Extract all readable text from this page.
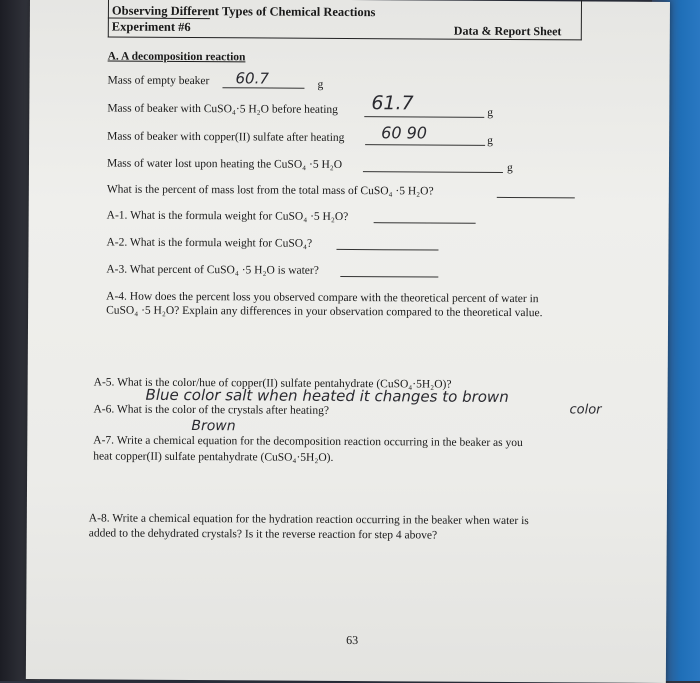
Observing Different Types of Chemical Reactions
Experiment #6	Data & Report Sheet
A. A decomposition reaction
Mass of empty beaker 60.7	g
Mass of beaker with CuSO₄·5 H₂O before heating 61.7	g
Mass of beaker with copper(II) sulfate after heating 60 90	g
Mass of water lost upon heating the CuSO₄ ·5 H₂O	g
What is the percent of mass lost from the total mass of CuSO₄ ·5 H₂O?
A-1. What is the formula weight for CuSO₄ ·5 H₂O?
A-2. What is the formula weight for CuSO₄?
A-3. What percent of CuSO₄ ·5 H₂O is water?
A-4. How does the percent loss you observed compare with the theoretical percent of water in
CuSO₄ ·5 H₂O? Explain any differences in your observation compared to the theoretical value.
A-5. What is the color/hue of copper(II) sulfate pentahydrate (CuSO₄·5H₂O)?
Blue color salt when heated it changes to brown
color
A-6. What is the color of the crystals after heating?
Brown
A-7. Write a chemical equation for the decomposition reaction occurring in the beaker as you
heat copper(II) sulfate pentahydrate (CuSO₄·5H₂O).
A-8. Write a chemical equation for the hydration reaction occurring in the beaker when water is
added to the dehydrated crystals? Is it the reverse reaction for step 4 above?
63
